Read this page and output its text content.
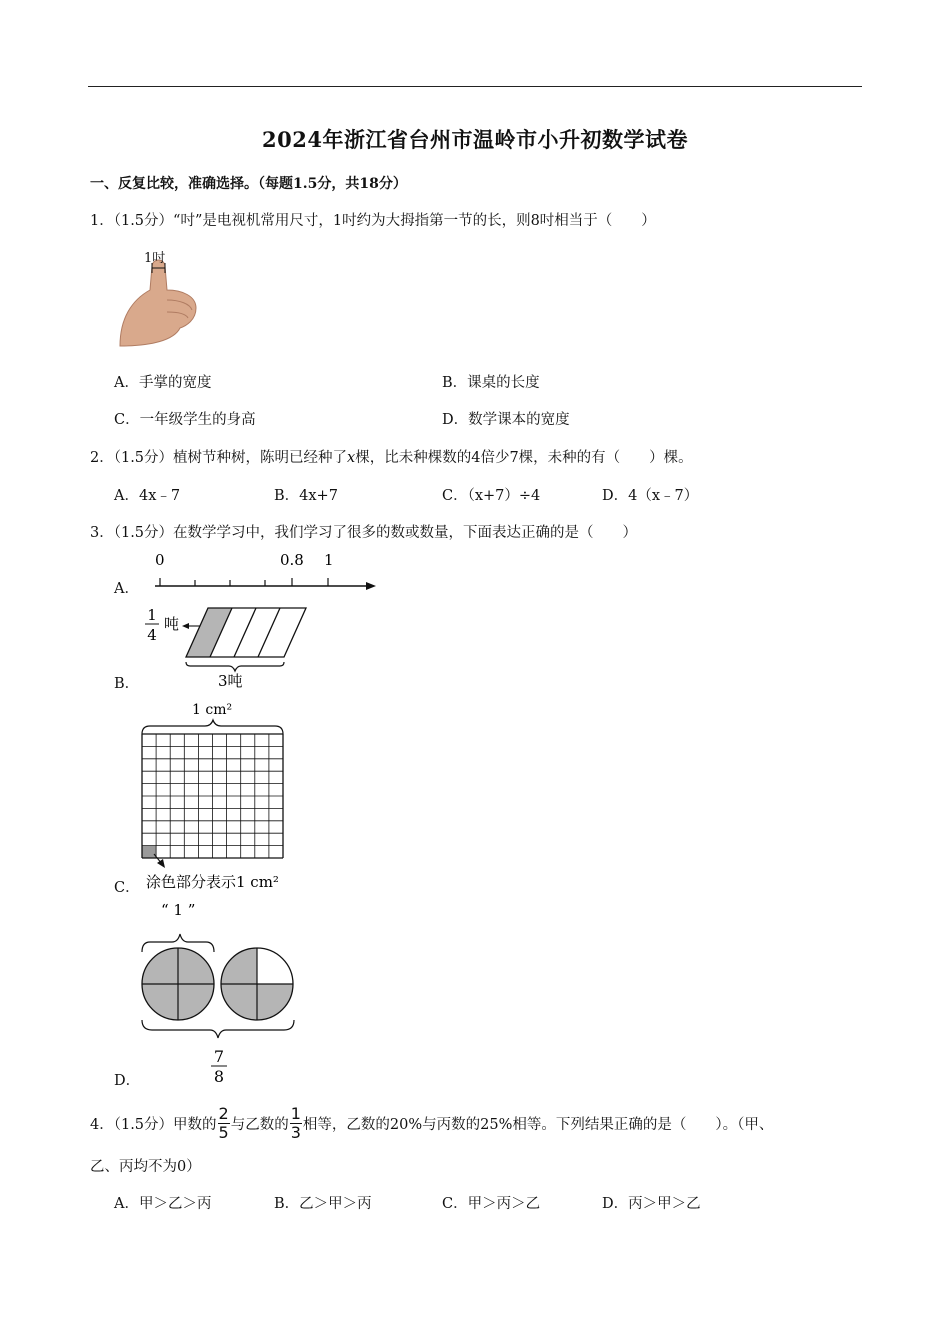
2024年浙江省台州市温岭市小升初数学试卷
一、反复比较，准确选择。（每题1.5分，共18分）
1．（1.5分）“吋”是电视机常用尺寸，1吋约为大拇指第一节的长，则8吋相当于（　　）
1吋
A．手掌的宽度	B．课桌的长度
C．一年级学生的身高	D．数学课本的宽度
2．（1.5分）植树节种树，陈明已经种了x棵，比未种棵数的4倍少7棵，未种的有（　　）棵。
A．4x﹣7	B．4x+7	C．（x+7）÷4	D．4（x﹣7）
3．（1.5分）在数学学习中，我们学习了很多的数或数量，下面表达正确的是（　　）
A．
0	0.8 1
B．
1
4
吨
3吨
C．
1 cm²
涂色部分表示1 cm²
D．
“ 1 ”
7
8
4．（1.5分）甲数的 $\frac{2}{5}$ 与乙数的 $\frac{1}{3}$ 相等，乙数的20%与丙数的25%相等。下列结果正确的是（　　）。（甲、
乙、丙均不为0）
A．甲＞乙＞丙	B．乙＞甲＞丙	C．甲＞丙＞乙	D．丙＞甲＞乙
